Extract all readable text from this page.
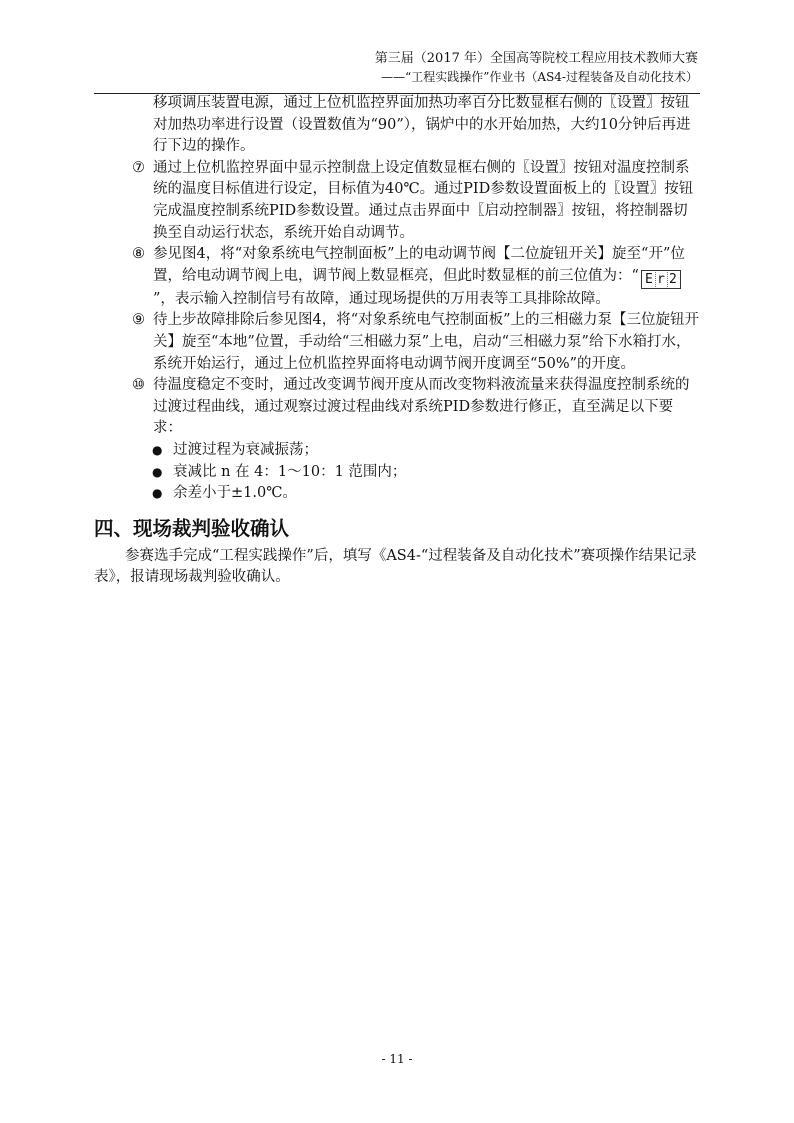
第三届（2017 年）全国高等院校工程应用技术教师大赛
——“工程实践操作”作业书（AS4-过程装备及自动化技术）
移项调压装置电源，通过上位机监控界面加热功率百分比数显框右侧的〖设置〗按钮对加热功率进行设置（设置数值为“90”），锅炉中的水开始加热，大约10分钟后再进行下边的操作。
⑦ 通过上位机监控界面中显示控制盘上设定值数显框右侧的〖设置〗按钮对温度控制系统的温度目标值进行设定，目标值为40℃。通过PID参数设置面板上的〖设置〗按钮完成温度控制系统PID参数设置。通过点击界面中〖启动控制器〗按钮，将控制器切换至自动运行状态，系统开始自动调节。
⑧ 参见图4，将“对象系统电气控制面板”上的电动调节阀【二位旋钮开关】旋至“开”位置，给电动调节阀上电，调节阀上数显框亮，但此时数显框的前三位值为：“ E r 2
”，表示输入控制信号有故障，通过现场提供的万用表等工具排除故障。
⑨ 待上步故障排除后参见图4，将“对象系统电气控制面板”上的三相磁力泵【三位旋钮开关】旋至“本地”位置，手动给“三相磁力泵”上电，启动“三相磁力泵”给下水箱打水，系统开始运行，通过上位机监控界面将电动调节阀开度调至“50%”的开度。
⑩ 待温度稳定不变时，通过改变调节阀开度从而改变物料液流量来获得温度控制系统的过渡过程曲线，通过观察过渡过程曲线对系统PID参数进行修正，直至满足以下要求：
● 过渡过程为衰减振荡；
● 衰减比 n 在 4：1～10：1 范围内；
● 余差小于±1.0℃。
四、现场裁判验收确认
参赛选手完成“工程实践操作”后，填写《AS4-“过程装备及自动化技术”赛项操作结果记录表》，报请现场裁判验收确认。
- 11 -
